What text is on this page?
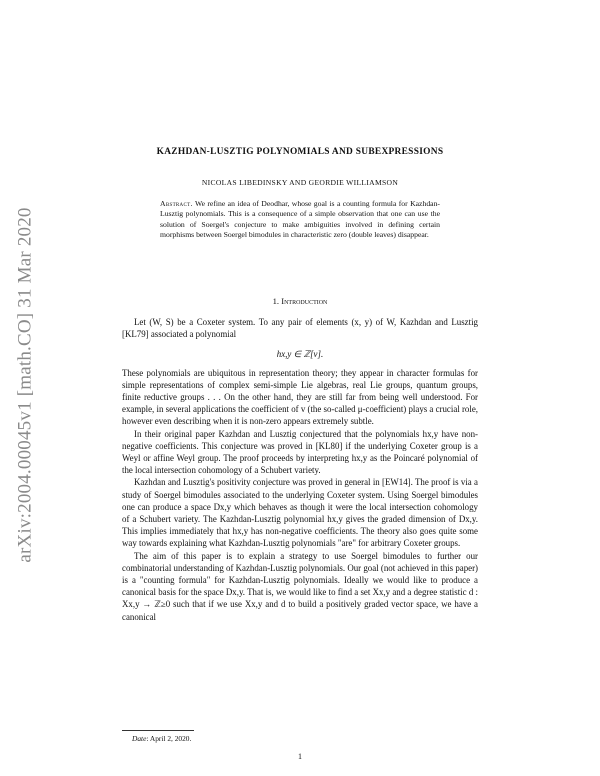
arXiv:2004.00045v1 [math.CO] 31 Mar 2020
KAZHDAN-LUSZTIG POLYNOMIALS AND SUBEXPRESSIONS
NICOLAS LIBEDINSKY AND GEORDIE WILLIAMSON
Abstract. We refine an idea of Deodhar, whose goal is a counting formula for Kazhdan-Lusztig polynomials. This is a consequence of a simple observation that one can use the solution of Soergel's conjecture to make ambiguities involved in defining certain morphisms between Soergel bimodules in characteristic zero (double leaves) disappear.
1. Introduction

Let (W, S) be a Coxeter system. To any pair of elements (x, y) of W, Kazhdan and Lusztig [KL79] associated a polynomial

hx,y ∈ ℤ[v].

These polynomials are ubiquitous in representation theory; they appear in character formulas for simple representations of complex semi-simple Lie algebras, real Lie groups, quantum groups, finite reductive groups . . . On the other hand, they are still far from being well understood. For example, in several applications the coefficient of v (the so-called μ-coefficient) plays a crucial role, however even describing when it is non-zero appears extremely subtle.

In their original paper Kazhdan and Lusztig conjectured that the polynomials hx,y have non-negative coefficients. This conjecture was proved in [KL80] if the underlying Coxeter group is a Weyl or affine Weyl group. The proof proceeds by interpreting hx,y as the Poincaré polynomial of the local intersection cohomology of a Schubert variety.

Kazhdan and Lusztig's positivity conjecture was proved in general in [EW14]. The proof is via a study of Soergel bimodules associated to the underlying Coxeter system. Using Soergel bimodules one can produce a space Dx,y which behaves as though it were the local intersection cohomology of a Schubert variety. The Kazhdan-Lusztig polynomial hx,y gives the graded dimension of Dx,y. This implies immediately that hx,y has non-negative coefficients. The theory also goes quite some way towards explaining what Kazhdan-Lusztig polynomials "are" for arbitrary Coxeter groups.

The aim of this paper is to explain a strategy to use Soergel bimodules to further our combinatorial understanding of Kazhdan-Lusztig polynomials. Our goal (not achieved in this paper) is a "counting formula" for Kazhdan-Lusztig polynomials. Ideally we would like to produce a canonical basis for the space Dx,y. That is, we would like to find a set Xx,y and a degree statistic d : Xx,y → ℤ≥0 such that if we use Xx,y and d to build a positively graded vector space, we have a canonical

Date: April 2, 2020.
1
